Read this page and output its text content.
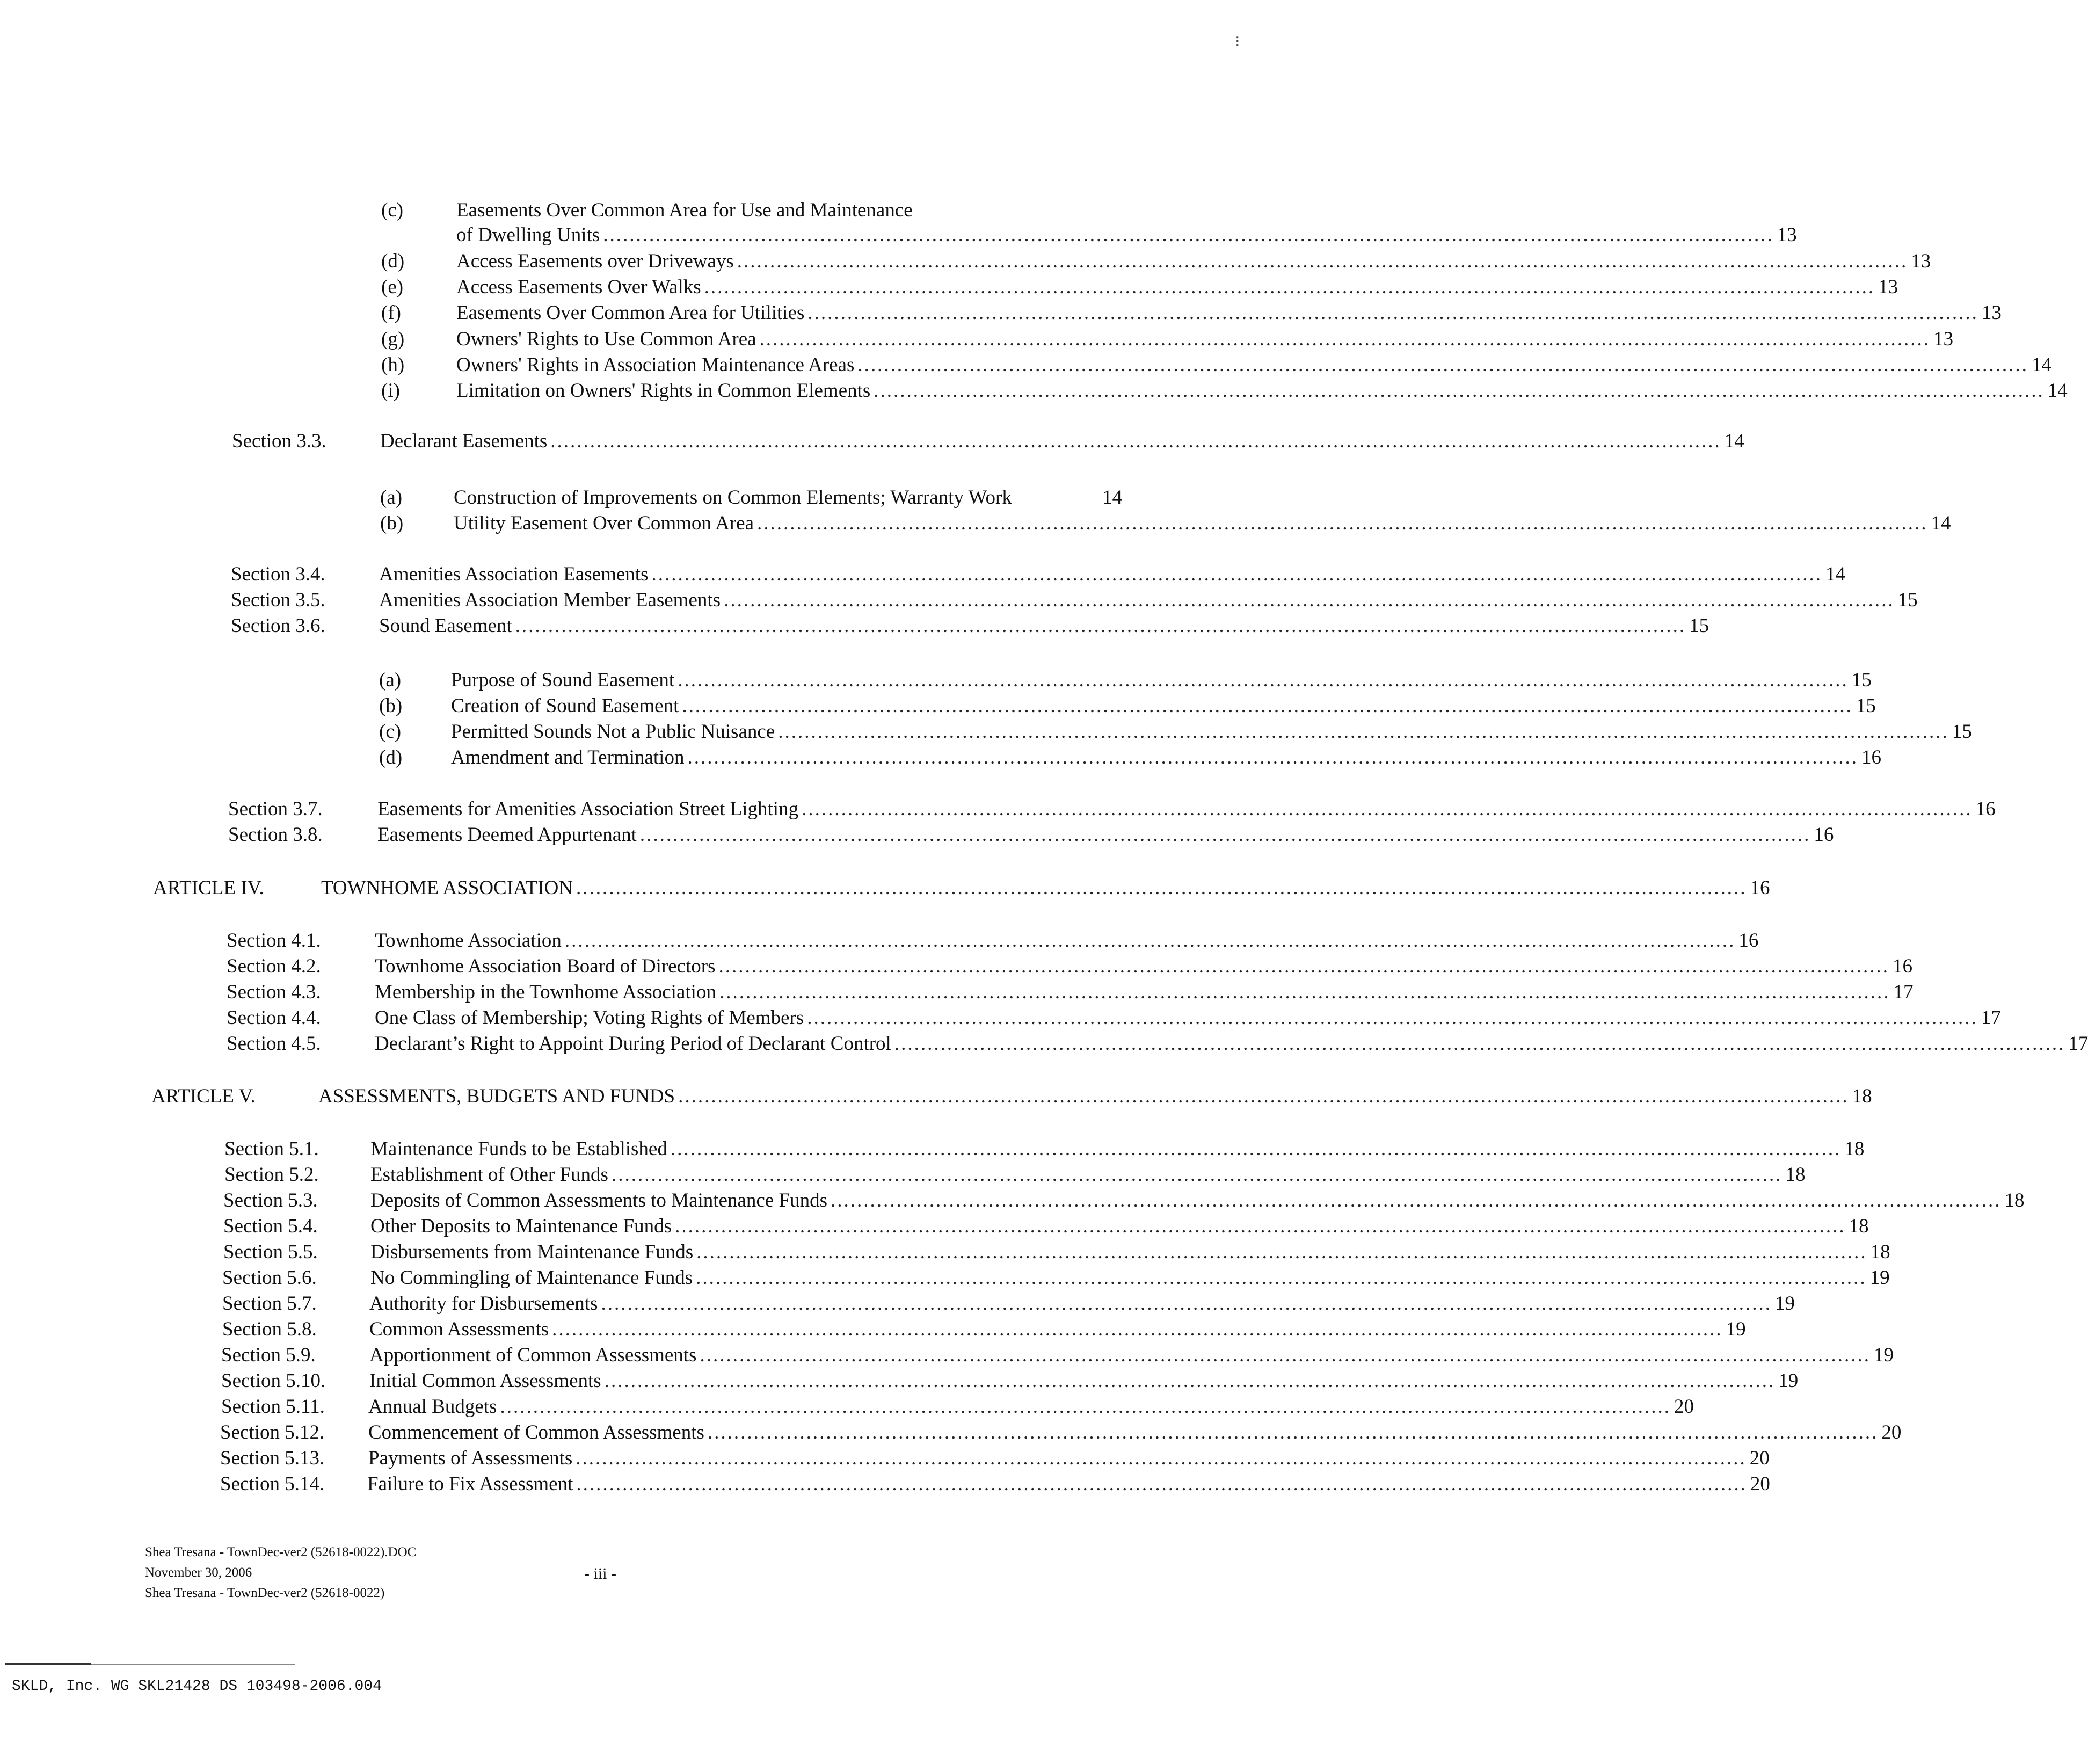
(c)	Easements Over Common Area for Use and Maintenance
of Dwelling Units .................................................................................................................................................................................. 13
(d)	Access Easements over Driveways .................................................................................................................................................................................. 13
(e)	Access Easements Over Walks .................................................................................................................................................................................. 13
(f)	Easements Over Common Area for Utilities .................................................................................................................................................................................. 13
(g)	Owners' Rights to Use Common Area .................................................................................................................................................................................. 13
(h)	Owners' Rights in Association Maintenance Areas .................................................................................................................................................................................. 14
(i)	Limitation on Owners' Rights in Common Elements .................................................................................................................................................................................. 14
Section 3.3.	Declarant Easements .................................................................................................................................................................................. 14
(a)	Construction of Improvements on Common Elements; Warranty Work	14
(b)	Utility Easement Over Common Area .................................................................................................................................................................................. 14
Section 3.4.	Amenities Association Easements .................................................................................................................................................................................. 14
Section 3.5.	Amenities Association Member Easements .................................................................................................................................................................................. 15
Section 3.6.	Sound Easement .................................................................................................................................................................................. 15
(a)	Purpose of Sound Easement .................................................................................................................................................................................. 15
(b) Creation of Sound Easement .................................................................................................................................................................................. 15
(c)	Permitted Sounds Not a Public Nuisance .................................................................................................................................................................................. 15
(d) Amendment and Termination .................................................................................................................................................................................. 16
Section 3.7.	Easements for Amenities Association Street Lighting .................................................................................................................................................................................. 16
Section 3.8.	Easements Deemed Appurtenant .................................................................................................................................................................................. 16
ARTICLE IV.	TOWNHOME ASSOCIATION .................................................................................................................................................................................. 16
Section 4.1.	Townhome Association .................................................................................................................................................................................. 16
Section 4.2.	Townhome Association Board of Directors .................................................................................................................................................................................. 16
Section 4.3.	Membership in the Townhome Association .................................................................................................................................................................................. 17
Section 4.4.	One Class of Membership; Voting Rights of Members .................................................................................................................................................................................. 17
Section 4.5.	Declarant’s Right to Appoint During Period of Declarant Control .................................................................................................................................................................................. 17
ARTICLE V.	ASSESSMENTS, BUDGETS AND FUNDS .................................................................................................................................................................................. 18
Section 5.1.	Maintenance Funds to be Established .................................................................................................................................................................................. 18
Section 5.2.	Establishment of Other Funds .................................................................................................................................................................................. 18
Section 5.3.	Deposits of Common Assessments to Maintenance Funds .................................................................................................................................................................................. 18
Section 5.4.	Other Deposits to Maintenance Funds .................................................................................................................................................................................. 18
Section 5.5.	Disbursements from Maintenance Funds .................................................................................................................................................................................. 18
Section 5.6.	No Commingling of Maintenance Funds .................................................................................................................................................................................. 19
Section 5.7.	Authority for Disbursements .................................................................................................................................................................................. 19
Section 5.8.	Common Assessments .................................................................................................................................................................................. 19
Section 5.9.	Apportionment of Common Assessments .................................................................................................................................................................................. 19
Section 5.10. Initial Common Assessments .................................................................................................................................................................................. 19
Section 5.11. Annual Budgets .................................................................................................................................................................................. 20
Section 5.12. Commencement of Common Assessments .................................................................................................................................................................................. 20
Section 5.13. Payments of Assessments .................................................................................................................................................................................. 20
Section 5.14. Failure to Fix Assessment .................................................................................................................................................................................. 20
Shea Tresana - TownDec-ver2 (52618-0022).DOC
November 30, 2006
Shea Tresana - TownDec-ver2 (52618-0022)
- iii -
SKLD, Inc. WG SKL21428 DS 103498-2006.004
⁝
